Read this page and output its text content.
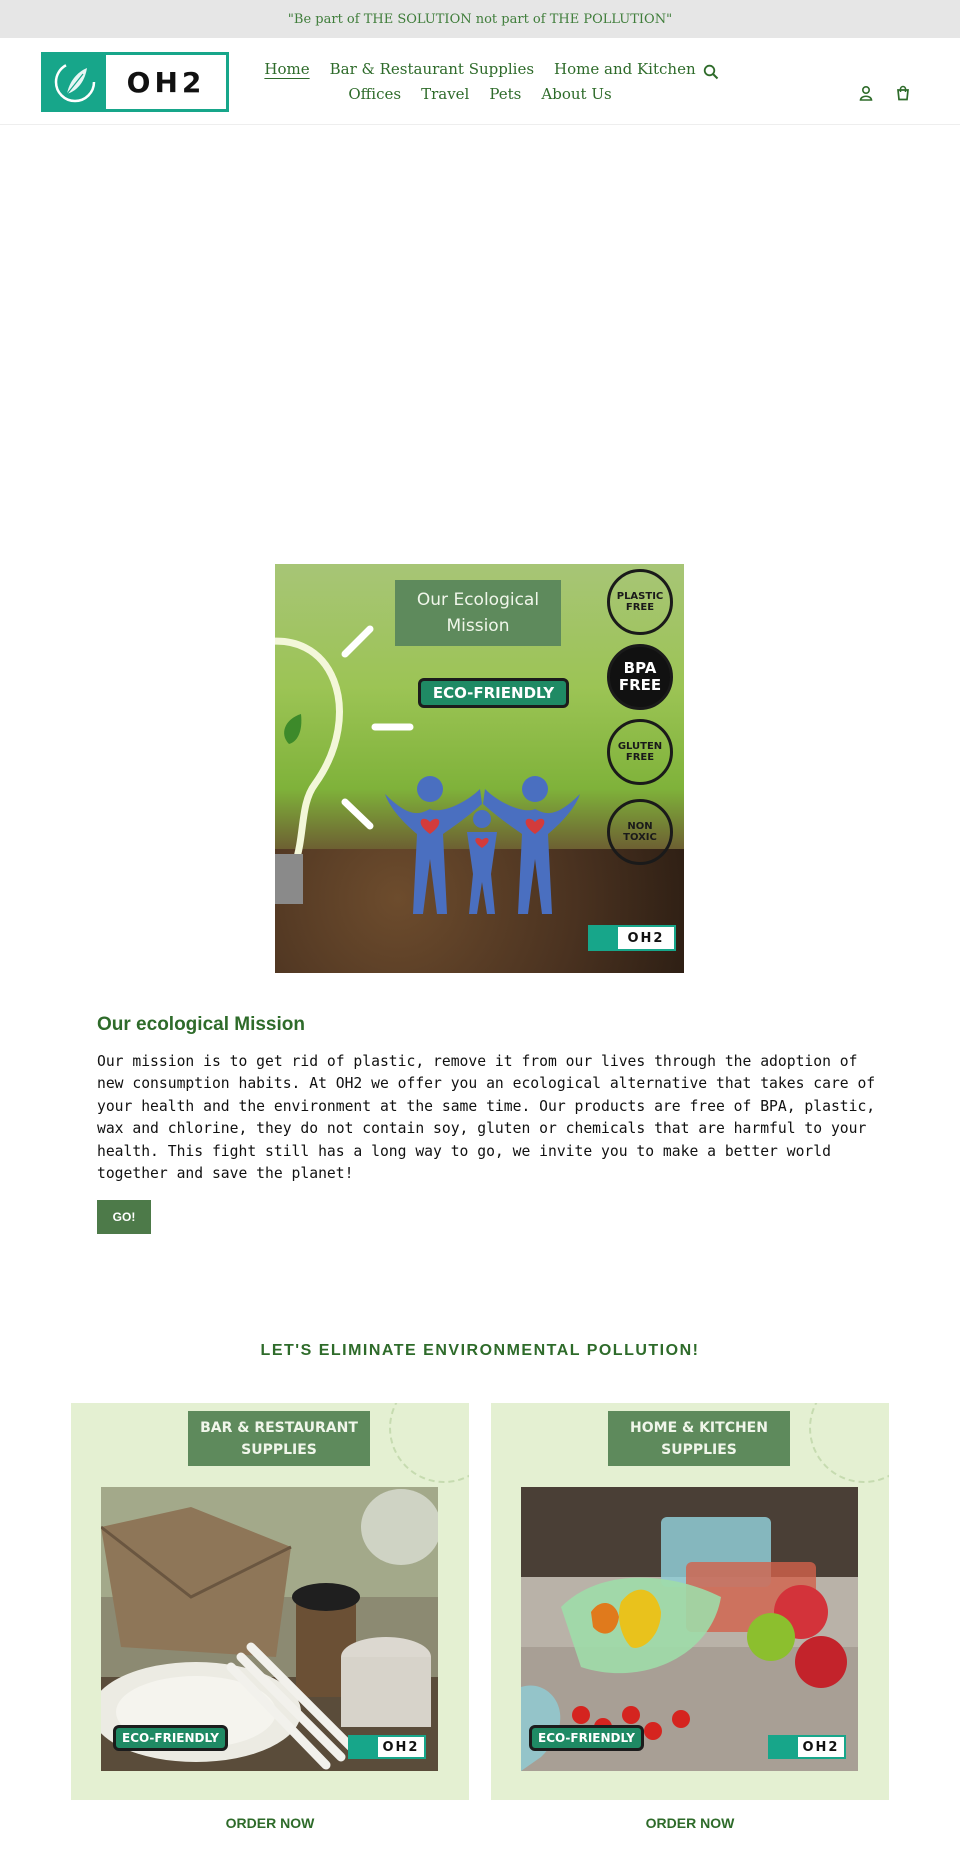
"Be part of THE SOLUTION not part of THE POLLUTION"
OH2	Home Bar & Restaurant Supplies Home and Kitchen
Offices Travel Pets About Us
Our Ecological
Mission
ECO-FRIENDLY
PLASTIC FREE
BPA FREE
GLUTEN FREE
NON TOXIC
OH2
Our ecological Mission

Our mission is to get rid of plastic, remove it from our lives through the adoption of new consumption habits. At OH2 we offer you an ecological alternative that takes care of your health and the environment at the same time. Our products are free of BPA, plastic, wax and chlorine, they do not contain soy, gluten or chemicals that are harmful to your health. This fight still has a long way to go, we invite you to make a better world together and save the planet!

GO!
LET'S ELIMINATE ENVIRONMENTAL POLLUTION!
BAR & RESTAURANT
SUPPLIES
ECO-FRIENDLY
OH2
ORDER NOW
HOME & KITCHEN
SUPPLIES
ECO-FRIENDLY
OH2
ORDER NOW
